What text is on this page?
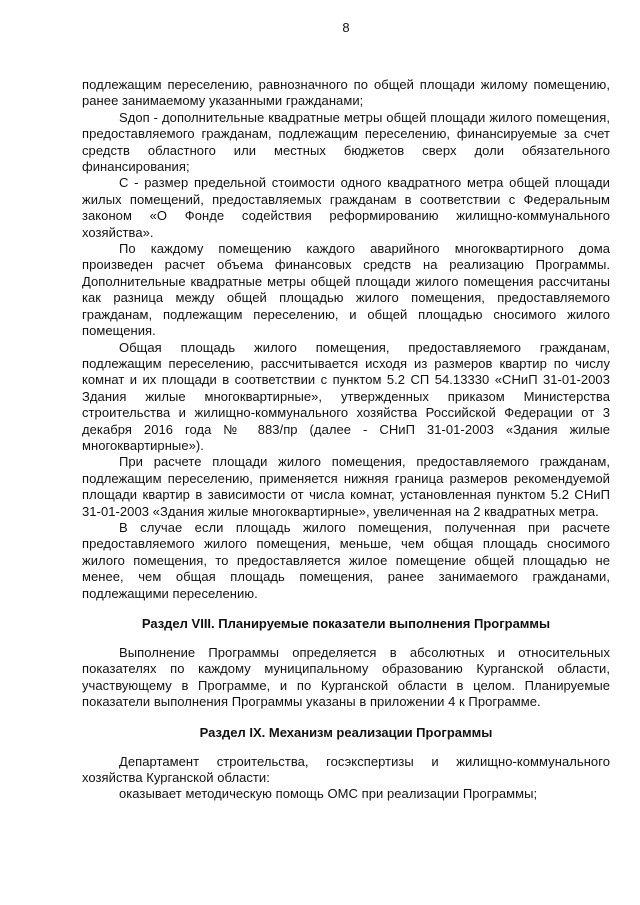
8

подлежащим переселению, равнозначного по общей площади жилому помещению, ранее занимаемому указанными гражданами;

Sдоп - дополнительные квадратные метры общей площади жилого помещения, предоставляемого гражданам, подлежащим переселению, финансируемые за счет средств областного или местных бюджетов сверх доли обязательного финансирования;

С - размер предельной стоимости одного квадратного метра общей площади жилых помещений, предоставляемых гражданам в соответствии с Федеральным законом «О Фонде содействия реформированию жилищно-коммунального хозяйства».

По каждому помещению каждого аварийного многоквартирного дома произведен расчет объема финансовых средств на реализацию Программы. Дополнительные квадратные метры общей площади жилого помещения рассчитаны как разница между общей площадью жилого помещения, предоставляемого гражданам, подлежащим переселению, и общей площадью сносимого жилого помещения.

Общая площадь жилого помещения, предоставляемого гражданам, подлежащим переселению, рассчитывается исходя из размеров квартир по числу комнат и их площади в соответствии с пунктом 5.2 СП 54.13330 «СНиП 31-01-2003 Здания жилые многоквартирные», утвержденных приказом Министерства строительства и жилищно-коммунального хозяйства Российской Федерации от 3 декабря 2016 года № 883/пр (далее - СНиП 31-01-2003 «Здания жилые многоквартирные»).

При расчете площади жилого помещения, предоставляемого гражданам, подлежащим переселению, применяется нижняя граница размеров рекомендуемой площади квартир в зависимости от числа комнат, установленная пунктом 5.2 СНиП 31-01-2003 «Здания жилые многоквартирные», увеличенная на 2 квадратных метра.

В случае если площадь жилого помещения, полученная при расчете предоставляемого жилого помещения, меньше, чем общая площадь сносимого жилого помещения, то предоставляется жилое помещение общей площадью не менее, чем общая площадь помещения, ранее занимаемого гражданами, подлежащими переселению.

Раздел VIII. Планируемые показатели выполнения Программы

Выполнение Программы определяется в абсолютных и относительных показателях по каждому муниципальному образованию Курганской области, участвующему в Программе, и по Курганской области в целом. Планируемые показатели выполнения Программы указаны в приложении 4 к Программе.

Раздел IX. Механизм реализации Программы

Департамент строительства, госэкспертизы и жилищно-коммунального хозяйства Курганской области:

оказывает методическую помощь ОМС при реализации Программы;
